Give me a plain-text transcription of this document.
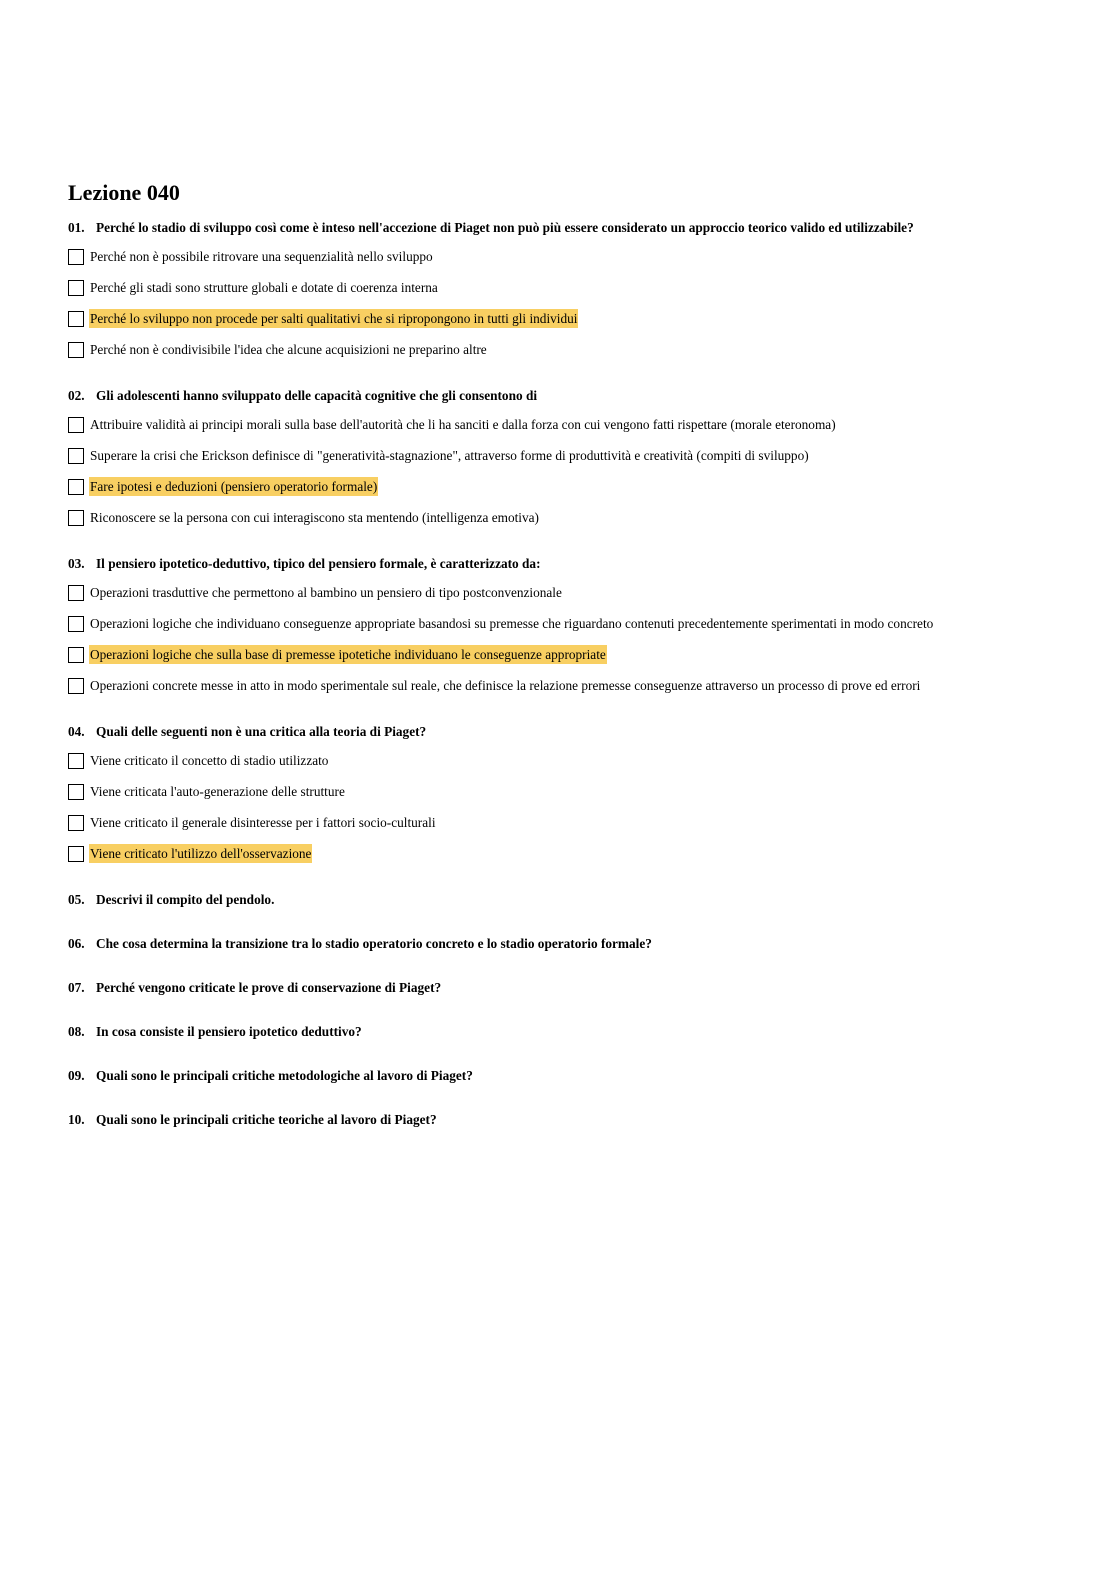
Lezione 040
01. Perché lo stadio di sviluppo così come è inteso nell'accezione di Piaget non può più essere considerato un approccio teorico valido ed utilizzabile?
Perché non è possibile ritrovare una sequenzialità nello sviluppo
Perché gli stadi sono strutture globali e dotate di coerenza interna
Perché lo sviluppo non procede per salti qualitativi che si ripropongono in tutti gli individui
Perché non è condivisibile l'idea che alcune acquisizioni ne preparino altre
02. Gli adolescenti hanno sviluppato delle capacità cognitive che gli consentono di
Attribuire validità ai principi morali sulla base dell'autorità che li ha sanciti e dalla forza con cui vengono fatti rispettare (morale eteronoma)
Superare la crisi che Erickson definisce di "generatività-stagnazione", attraverso forme di produttività e creatività (compiti di sviluppo)
Fare ipotesi e deduzioni (pensiero operatorio formale)
Riconoscere se la persona con cui interagiscono sta mentendo (intelligenza emotiva)
03. Il pensiero ipotetico-deduttivo, tipico del pensiero formale, è caratterizzato da:
Operazioni trasduttive che permettono al bambino un pensiero di tipo postconvenzionale
Operazioni logiche che individuano conseguenze appropriate basandosi su premesse che riguardano contenuti precedentemente sperimentati in modo concreto
Operazioni logiche che sulla base di premesse ipotetiche individuano le conseguenze appropriate
Operazioni concrete messe in atto in modo sperimentale sul reale, che definisce la relazione premesse conseguenze attraverso un processo di prove ed errori
04. Quali delle seguenti non è una critica alla teoria di Piaget?
Viene criticato il concetto di stadio utilizzato
Viene criticata l'auto-generazione delle strutture
Viene criticato il generale disinteresse per i fattori socio-culturali
Viene criticato l'utilizzo dell'osservazione
05. Descrivi il compito del pendolo.
06. Che cosa determina la transizione tra lo stadio operatorio concreto e lo stadio operatorio formale?
07. Perché vengono criticate le prove di conservazione di Piaget?
08. In cosa consiste il pensiero ipotetico deduttivo?
09. Quali sono le principali critiche metodologiche al lavoro di Piaget?
10. Quali sono le principali critiche teoriche al lavoro di Piaget?
